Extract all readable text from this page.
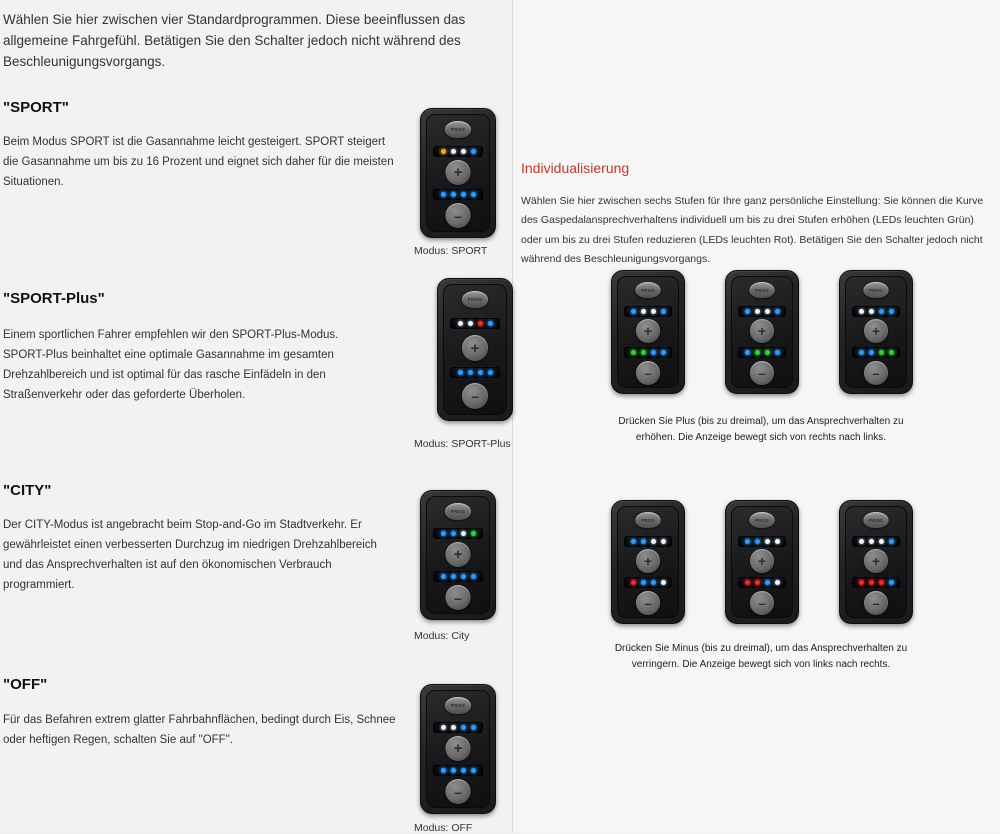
Wählen Sie hier zwischen vier Standardprogrammen. Diese beeinflussen das allgemeine Fahrgefühl. Betätigen Sie den Schalter jedoch nicht während des Beschleunigungsvorgangs.
"SPORT"
Beim Modus SPORT ist die Gasannahme leicht gesteigert. SPORT steigert die Gasannahme um bis zu 16 Prozent und eignet sich daher für die meisten Situationen.
Modus: SPORT
PROG
+
–
"SPORT-Plus"
Einem sportlichen Fahrer empfehlen wir den SPORT-Plus-Modus. SPORT-Plus beinhaltet eine optimale Gasannahme im gesamten Drehzahlbereich und ist optimal für das rasche Einfädeln in den Straßenverkehr oder das geforderte Überholen.
Modus: SPORT-Plus
PROG
+
–
"CITY"
Der CITY-Modus ist angebracht beim Stop-and-Go im Stadtverkehr. Er gewährleistet einen verbesserten Durchzug im niedrigen Drehzahlbereich und das Ansprechverhalten ist auf den ökonomischen Verbrauch programmiert.
Modus: City
PROG
+
–
"OFF"
Für das Befahren extrem glatter Fahrbahnflächen, bedingt durch Eis, Schnee oder heftigen Regen, schalten Sie auf "OFF".
Modus: OFF
PROG
+
–
Individualisierung
Wählen Sie hier zwischen sechs Stufen für Ihre ganz persönliche Einstellung: Sie können die Kurve des Gaspedalansprechverhaltens individuell um bis zu drei Stufen erhöhen (LEDs leuchten Grün) oder um bis zu drei Stufen reduzieren (LEDs leuchten Rot). Betätigen Sie den Schalter jedoch nicht während des Beschleunigungsvorgangs.
PROG
+
–
PROG
+
–
PROG
+
–
Drücken Sie Plus (bis zu dreimal), um das Ansprechverhalten zu erhöhen. Die Anzeige bewegt sich von rechts nach links.
PROG
+
–
PROG
+
–
PROG
+
–
Drücken Sie Minus (bis zu dreimal), um das Ansprechverhalten zu verringern. Die Anzeige bewegt sich von links nach rechts.
